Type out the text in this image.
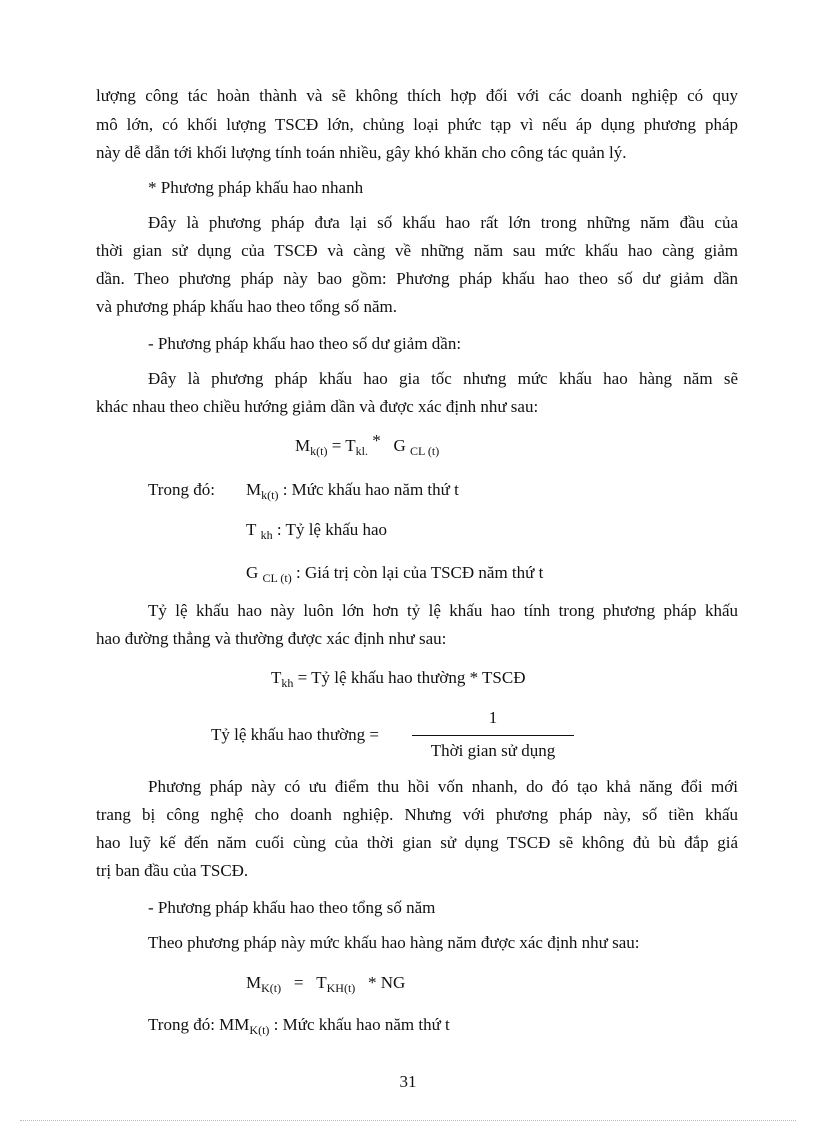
lượng công tác hoàn thành và sẽ không thích hợp đối với các doanh nghiệp có quy
mô lớn, có khối lượng TSCĐ lớn, chủng loại phức tạp vì nếu áp dụng phương pháp
này dễ dẫn tới khối lượng tính toán nhiều, gây khó khăn cho công tác quản lý.
* Phương pháp khấu hao nhanh
Đây là phương pháp đưa lại số khấu hao rất lớn trong những năm đầu của
thời gian sử dụng của TSCĐ và càng về những năm sau mức khấu hao càng giảm
dần. Theo phương pháp này bao gồm: Phương pháp khấu hao theo số dư giảm dần
và phương pháp khấu hao theo tổng số năm.
- Phương pháp khấu hao theo số dư giảm dần:
Đây là phương pháp khấu hao gia tốc nhưng mức khấu hao hàng năm sẽ
khác nhau theo chiều hướng giảm dần và được xác định như sau:
$M_{k(t)} = T_{kl.} * G$ $_{CL (t)}$
Trong đó: $M_{k(t)}$ : Mức khấu hao năm thứ t
T $_{kh}$ : Tỷ lệ khấu hao
G $_{CL (t)}$ : Giá trị còn lại của TSCĐ năm thứ t
Tỷ lệ khấu hao này luôn lớn hơn tỷ lệ khấu hao tính trong phương pháp khấu
hao đường thẳng và thường được xác định như sau:
$T_{kh}$ = Tỷ lệ khấu hao thường * TSCĐ
Tỷ lệ khấu hao thường =
1
Thời gian sử dụng
Phương pháp này có ưu điểm thu hồi vốn nhanh, do đó tạo khả năng đổi mới
trang bị công nghệ cho doanh nghiệp. Nhưng với phương pháp này, số tiền khấu
hao luỹ kế đến năm cuối cùng của thời gian sử dụng TSCĐ sẽ không đủ bù đắp giá
trị ban đầu của TSCĐ.
- Phương pháp khấu hao theo tổng số năm
Theo phương pháp này mức khấu hao hàng năm được xác định như sau:
$M_{K(t)} = T_{KH(t)}$ * NG
Trong đó: $MM_{K(t)}$ : Mức khấu hao năm thứ t
31
